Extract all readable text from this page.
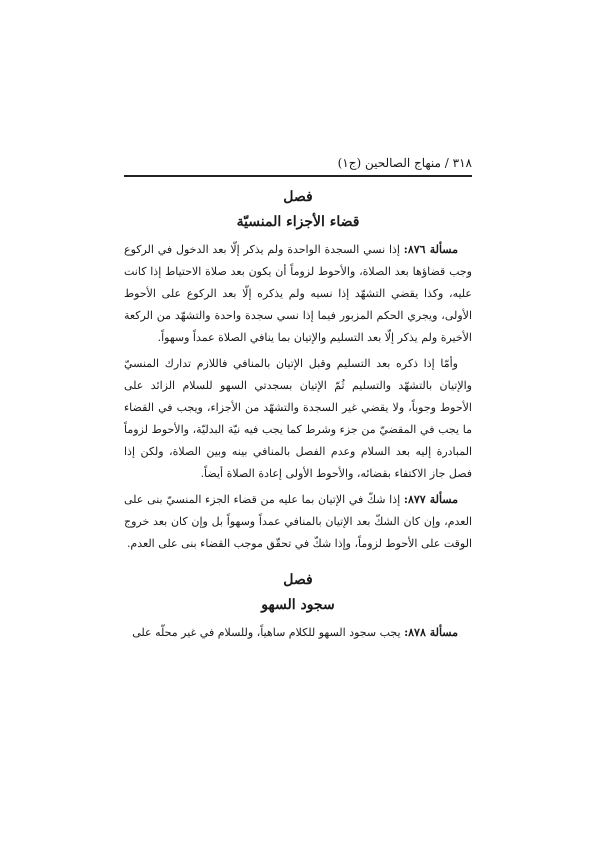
٣١٨ / منهاج الصالحين (ج١)
فصل
قضاء الأجزاء المنسيّة

مسألة ٨٧٦: إذا نسي السجدة الواحدة ولم يذكر إلّا بعد الدخول في الركوع وجب قضاؤها بعد الصلاة، والأحوط لزوماً أن يكون بعد صلاة الاحتياط إذا كانت عليه، وكذا يقضي التشهّد إذا نسيه ولم يذكره إلّا بعد الركوع على الأحوط الأولى، ويجري الحكم المزبور فيما إذا نسي سجدة واحدة والتشهّد من الركعة الأخيرة ولم يذكر إلّا بعد التسليم والإتيان بما ينافي الصلاة عمداً وسهواً.

وأمّا إذا ذكره بعد التسليم وقبل الإتيان بالمنافي فاللازم تدارك المنسيّ والإتيان بالتشهّد والتسليم ثُمّ الإتيان بسجدتي السهو للسلام الزائد على الأحوط وجوباً، ولا يقضي غير السجدة والتشهّد من الأجزاء، ويجب في القضاء ما يجب في المقضيّ من جزء وشرط كما يجب فيه نيّة البدليّة، والأحوط لزوماً المبادرة إليه بعد السلام وعدم الفصل بالمنافي بينه وبين الصلاة، ولكن إذا فصل جاز الاكتفاء بقضائه، والأحوط الأولى إعادة الصلاة أيضاً.

مسألة ٨٧٧: إذا شكّ في الإتيان بما عليه من قضاء الجزء المنسيّ بنى على العدم، وإن كان الشكّ بعد الإتيان بالمنافي عمداً وسهواً بل وإن كان بعد خروج الوقت على الأحوط لزوماً، وإذا شكّ في تحقّق موجب القضاء بنى على العدم.

فصل
سجود السهو

مسألة ٨٧٨: يجب سجود السهو للكلام ساهياً، وللسلام في غير محلّه على
